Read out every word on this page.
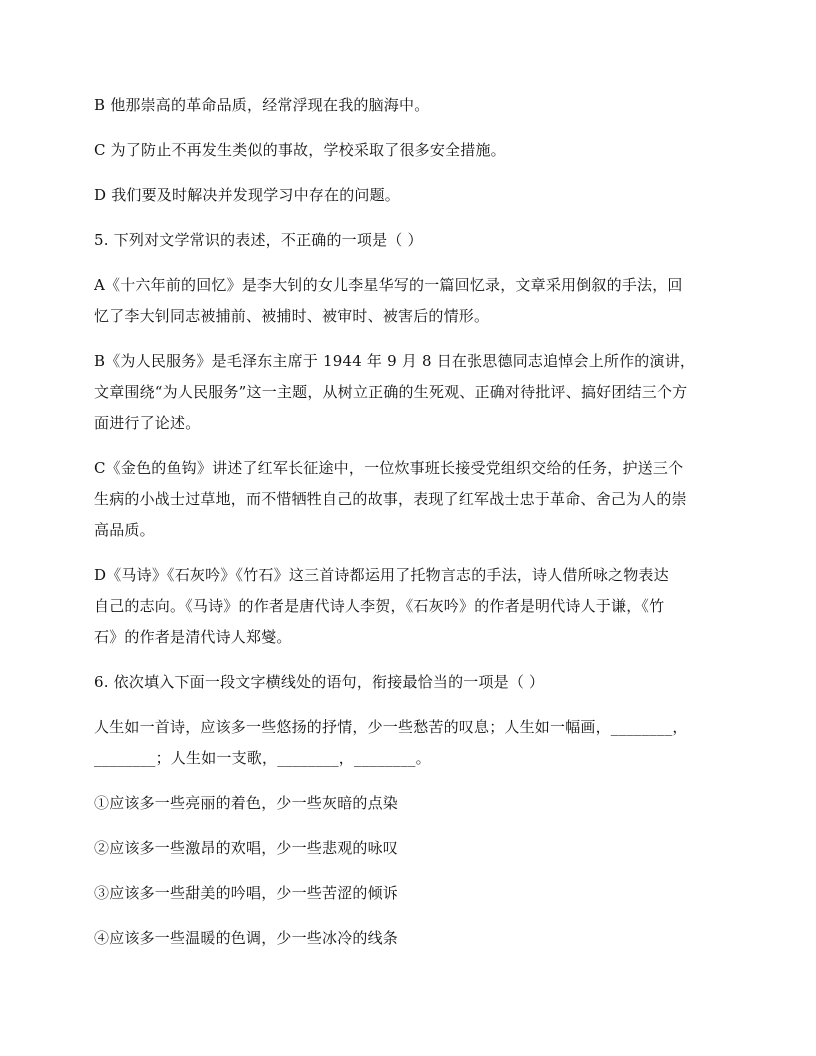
B 他那崇高的革命品质，经常浮现在我的脑海中。

C 为了防止不再发生类似的事故，学校采取了很多安全措施。

D 我们要及时解决并发现学习中存在的问题。

5. 下列对文学常识的表述，不正确的一项是（ ）

A《十六年前的回忆》是李大钊的女儿李星华写的一篇回忆录，文章采用倒叙的手法，回
忆了李大钊同志被捕前、被捕时、被审时、被害后的情形。

B《为人民服务》是毛泽东主席于 1944 年 9 月 8 日在张思德同志追悼会上所作的演讲，
文章围绕“为人民服务”这一主题，从树立正确的生死观、正确对待批评、搞好团结三个方
面进行了论述。

C《金色的鱼钩》讲述了红军长征途中，一位炊事班长接受党组织交给的任务，护送三个
生病的小战士过草地，而不惜牺牲自己的故事，表现了红军战士忠于革命、舍己为人的崇
高品质。

D《马诗》《石灰吟》《竹石》这三首诗都运用了托物言志的手法，诗人借所咏之物表达
自己的志向。《马诗》的作者是唐代诗人李贺，《石灰吟》的作者是明代诗人于谦，《竹
石》的作者是清代诗人郑燮。

6. 依次填入下面一段文字横线处的语句，衔接最恰当的一项是（ ）

人生如一首诗，应该多一些悠扬的抒情，少一些愁苦的叹息；人生如一幅画，________，
________；人生如一支歌，________，________。

①应该多一些亮丽的着色，少一些灰暗的点染

②应该多一些激昂的欢唱，少一些悲观的咏叹

③应该多一些甜美的吟唱，少一些苦涩的倾诉

④应该多一些温暖的色调，少一些冰冷的线条
